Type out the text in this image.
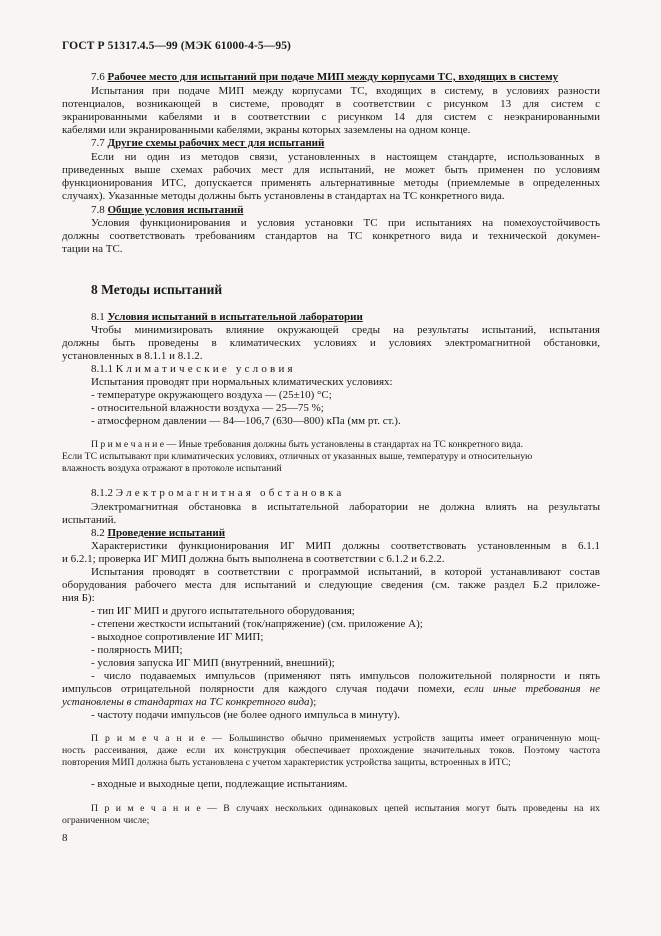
ГОСТ Р 51317.4.5—99 (МЭК 61000-4-5—95)
7.6 Рабочее место для испытаний при подаче МИП между корпусами ТС, входящих в систему
Испытания при подаче МИП между корпусами ТС, входящих в систему, в условиях разности
потенциалов, возникающей в системе, проводят в соответствии с рисунком 13 для систем с
экранированными кабелями и в соответствии с рисунком 14 для систем с неэкранированными
кабелями или экранированными кабелями, экраны которых заземлены на одном конце.
7.7 Другие схемы рабочих мест для испытаний
Если ни один из методов связи, установленных в настоящем стандарте, использованных в
приведенных выше схемах рабочих мест для испытаний, не может быть применен по условиям
функционирования ИТС, допускается применять альтернативные методы (приемлемые в определенных
случаях). Указанные методы должны быть установлены в стандартах на ТС конкретного вида.
7.8 Общие условия испытаний
Условия функционирования и условия установки ТС при испытаниях на помехоустойчивость
должны соответствовать требованиям стандартов на ТС конкретного вида и технической докумен-
тации на ТС.
8 Методы испытаний
8.1 Условия испытаний в испытательной лаборатории
Чтобы минимизировать влияние окружающей среды на результаты испытаний, испытания
должны быть проведены в климатических условиях и условиях электромагнитной обстановки,
установленных в 8.1.1 и 8.1.2.
8.1.1 Климатические условия
Испытания проводят при нормальных климатических условиях:
- температуре окружающего воздуха — (25±10) °С;
- относительной влажности воздуха — 25—75 %;
- атмосферном давлении — 84—106,7 (630—800) кПа (мм рт. ст.).
П р и м е ч а н и е — Иные требования должны быть установлены в стандартах на ТС конкретного вида.
Если ТС испытывают при климатических условиях, отличных от указанных выше, температуру и относительную
влажность воздуха отражают в протоколе испытаний
8.1.2 Электромагнитная обстановка
Электромагнитная обстановка в испытательной лаборатории не должна влиять на результаты
испытаний.
8.2 Проведение испытаний
Характеристики функционирования ИГ МИП должны соответствовать установленным в 6.1.1
и 6.2.1; проверка ИГ МИП должна быть выполнена в соответствии с 6.1.2 и 6.2.2.
Испытания проводят в соответствии с программой испытаний, в которой устанавливают состав
оборудования рабочего места для испытаний и следующие сведения (см. также раздел Б.2 приложе-
ния Б):
- тип ИГ МИП и другого испытательного оборудования;
- степени жесткости испытаний (ток/напряжение) (см. приложение А);
- выходное сопротивление ИГ МИП;
- полярность МИП;
- условия запуска ИГ МИП (внутренний, внешний);
- число подаваемых импульсов (применяют пять импульсов положительной полярности и пять
импульсов отрицательной полярности для каждого случая подачи помехи, если иные требования не
установлены в стандартах на ТС конкретного вида);
- частоту подачи импульсов (не более одного импульса в минуту).
П р и м е ч а н и е — Большинство обычно применяемых устройств защиты имеет ограниченную мощ-
ность рассеивания, даже если их конструкция обеспечивает прохождение значительных токов. Поэтому частота
повторения МИП должна быть установлена с учетом характеристик устройства защиты, встроенных в ИТС;
- входные и выходные цепи, подлежащие испытаниям.
П р и м е ч а н и е — В случаях нескольких одинаковых цепей испытания могут быть проведены на их
ограниченном числе;
8
